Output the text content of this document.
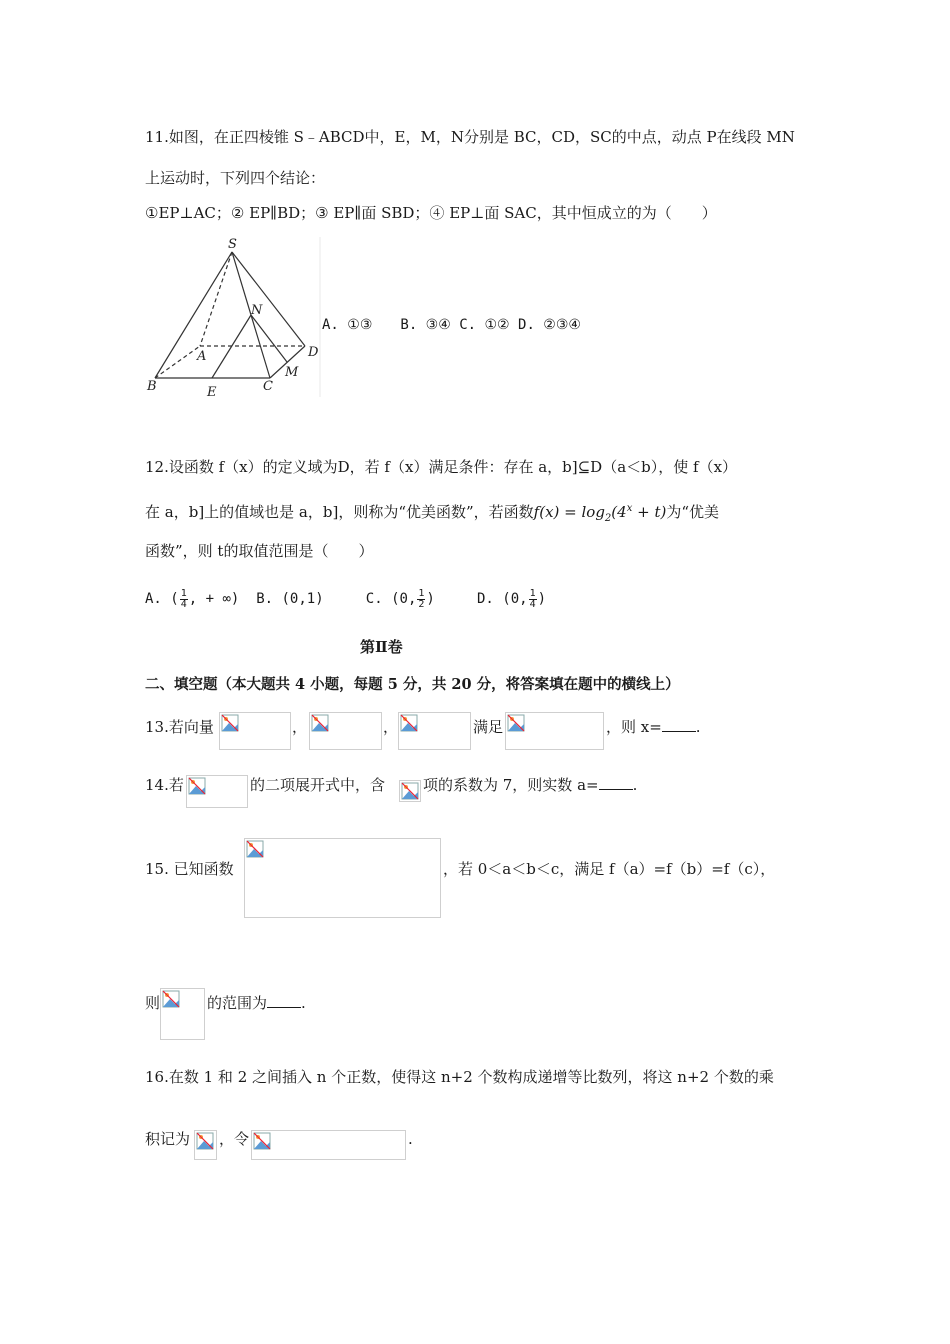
11.如图，在正四棱锥 S﹣ABCD中，E，M，N分别是 BC，CD，SC的中点，动点 P在线段 MN
上运动时，下列四个结论：
①EP⊥AC；② EP∥BD；③ EP∥面 SBD；④ EP⊥面 SAC，其中恒成立的为（　　）
S
N
A	D
B	E	C
M
A. ①③　　B. ③④ C. ①② D. ②③④
12.设函数 f（x）的定义域为D，若 f（x）满足条件：存在 a，b]⊆D（a＜b），使 f（x）
在 a，b]上的值域也是 a，b]，则称为“优美函数”，若函数$f(x) = \log_2(4^x + t)$为“优美
函数”，则 t的取值范围是（　　）
A. ( $\frac{1}{4}$ , + ∞) B. (0,1)	C. (0, $\frac{1}{2}$ )	D. (0, $\frac{1}{4}$ )
第Ⅱ卷
二、填空题（本大题共 4 小题，每题 5 分，共 20 分，将答案填在题中的横线上）
13.若向量	，	，	满足	，则 x= .
14.若	的二项展开式中，含	项的系数为 7，则实数 a= .
15. 已知函数	，若 0＜a＜b＜c，满足 f（a）=f（b）=f（c），
则	的范围为 .
16.在数 1 和 2 之间插入 n 个正数，使得这 n+2 个数构成递增等比数列，将这 n+2 个数的乘
积记为 ，令	.
